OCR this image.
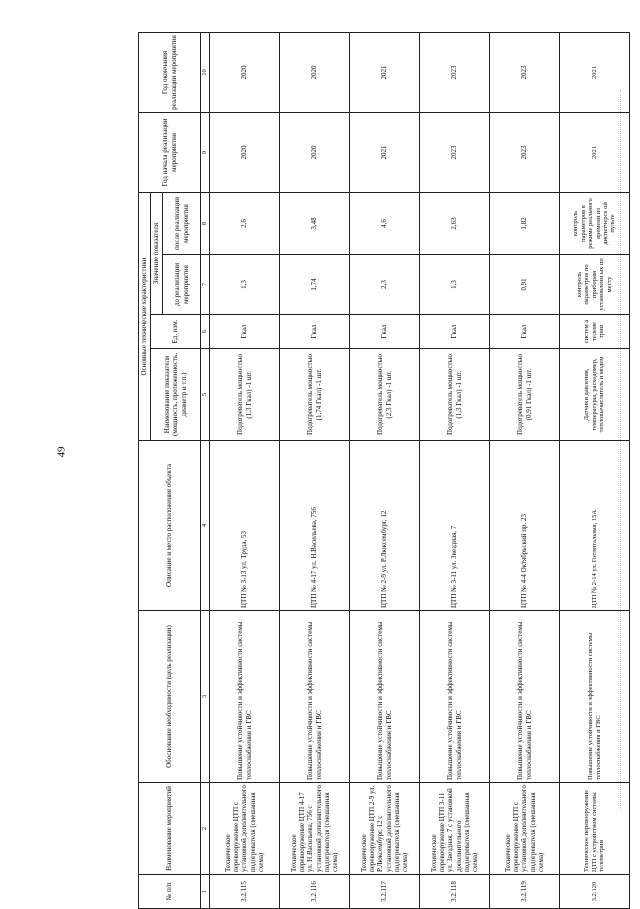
49
№ п/п	Наименование мероприятий	Обоснование необходимости (цель реализации)	Описание и место расположения объекта	Основные технические характеристики				Год начала реализации мероприятия	Год окончания реализации мероприятия
				Наименование показателя (мощность, протяженность, диаметр и т.п.)	Ед. изм.	Значение показателя			
						до реализации мероприятия	после реализации мероприятия		
1	2	3	4	5	6	7	8	9	10
3.2.115	Техническое перевооружение ЦТП с установкой дополнительного подогревателя (смешанная схема)	Повышение устойчивости и эффективности системы теплоснабжения и ГВС	ЦТП № 3-13 ул. Труда, 53	Подогреватель мощностью (1,3 Гкал) -1 шт.	Гкал	1,3	2,6	2020	2020
3.2.116	Техническое перевооружение ЦТП 4-17 ул. Н.Васильева, 756 с установкой дополнительного подогревателя (смешанная схема)	Повышение устойчивости и эффективности системы теплоснабжения и ГВС	ЦТП № 4-17 ул. Н.Васильева, 756	Подогреватель мощностью (1,74 Гкал) -1 шт.	Гкал	1,74	3,48	2020	2020
3.2.117	Техническое перевооружение ЦТП 2-9 ул. Р.Люксембург, 12 с установкой дополнительного подогревателя (смешанная схема)	Повышение устойчивости и эффективности системы теплоснабжения и ГВС	ЦТП № 2-9 ул. Р.Люксембург, 12	Подогреватель мощностью (2,3 Гкал) -1 шт.	Гкал	2,3	4,6	2021	2021
3.2.118	Техническое перевооружение ЦТП 3-11 ул. Звездная, 7 с установкой дополнительного подогревателя (смешанная схема)	Повышение устойчивости и эффективности системы теплоснабжения и ГВС	ЦТП № 3-11 ул. Звездная, 7	Подогреватель мощностью (1,3 Гкал) -1 шт.	Гкал	1,3	2,63	2023	2023
3.2.119	Техническое перевооружение ЦТП с установкой дополнительного подогревателя (смешанная схема)	Повышение устойчивости и эффективности системы теплоснабжения и ГВС	ЦТП № 4-4 Октябрьский пр, 23	Подогреватель мощностью (0,91 Гкал) -1 шт.	Гкал	0,91	1,82	2023	2023
3.2.120	Техническое перевооружение ЦТП с устройством системы телеметрии	Повышение устойчивости и эффективности системы теплоснабжения и ГВС	ЦТП № 2-14 ул. Госпитальная, 15А	Датчики давления, температуры, расходомер, тепловычислитель и модем	систем а телеме трии	контроль параметров по приборам установленн ых по месту	контроль параметров в режиме реального времени из диспетчерск ой пульте	2021	2021
